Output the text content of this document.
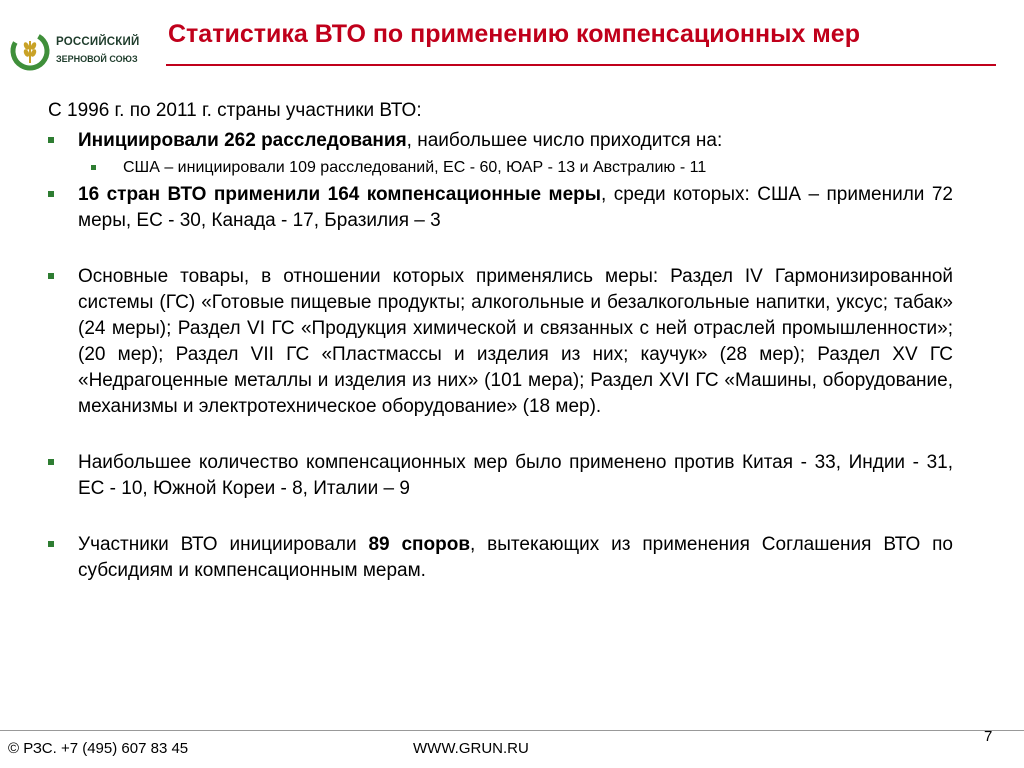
РОССИЙСКИЙ
ЗЕРНОВОЙ СОЮЗ
Статистика ВТО по применению компенсационных мер

С 1996 г. по 2011 г. страны участники ВТО:

Инициировали 262 расследования, наибольшее число приходится на:

США – инициировали 109 расследований, ЕС - 60, ЮАР - 13 и Австралию - 11

16 стран ВТО применили 164 компенсационные меры, среди которых: США – применили 72 меры, ЕС - 30, Канада - 17, Бразилия – 3

Основные товары, в отношении которых применялись меры: Раздел IV Гармонизированной системы (ГС) «Готовые пищевые продукты; алкогольные и безалкогольные напитки, уксус; табак» (24 меры); Раздел VI ГС «Продукция химической и связанных с ней отраслей промышленности»; (20 мер); Раздел VII ГС «Пластмассы и изделия из них; каучук» (28 мер); Раздел XV ГС «Недрагоценные металлы и изделия из них» (101 мера); Раздел XVI ГС «Машины, оборудование, механизмы и электротехническое оборудование» (18 мер).

Наибольшее количество компенсационных мер было применено против Китая - 33, Индии - 31, ЕС - 10, Южной Кореи - 8, Италии – 9

Участники ВТО инициировали 89 споров, вытекающих из применения Соглашения ВТО по субсидиям и компенсационным мерам.

© РЗС. +7 (495) 607 83 45	WWW.GRUN.RU
7
